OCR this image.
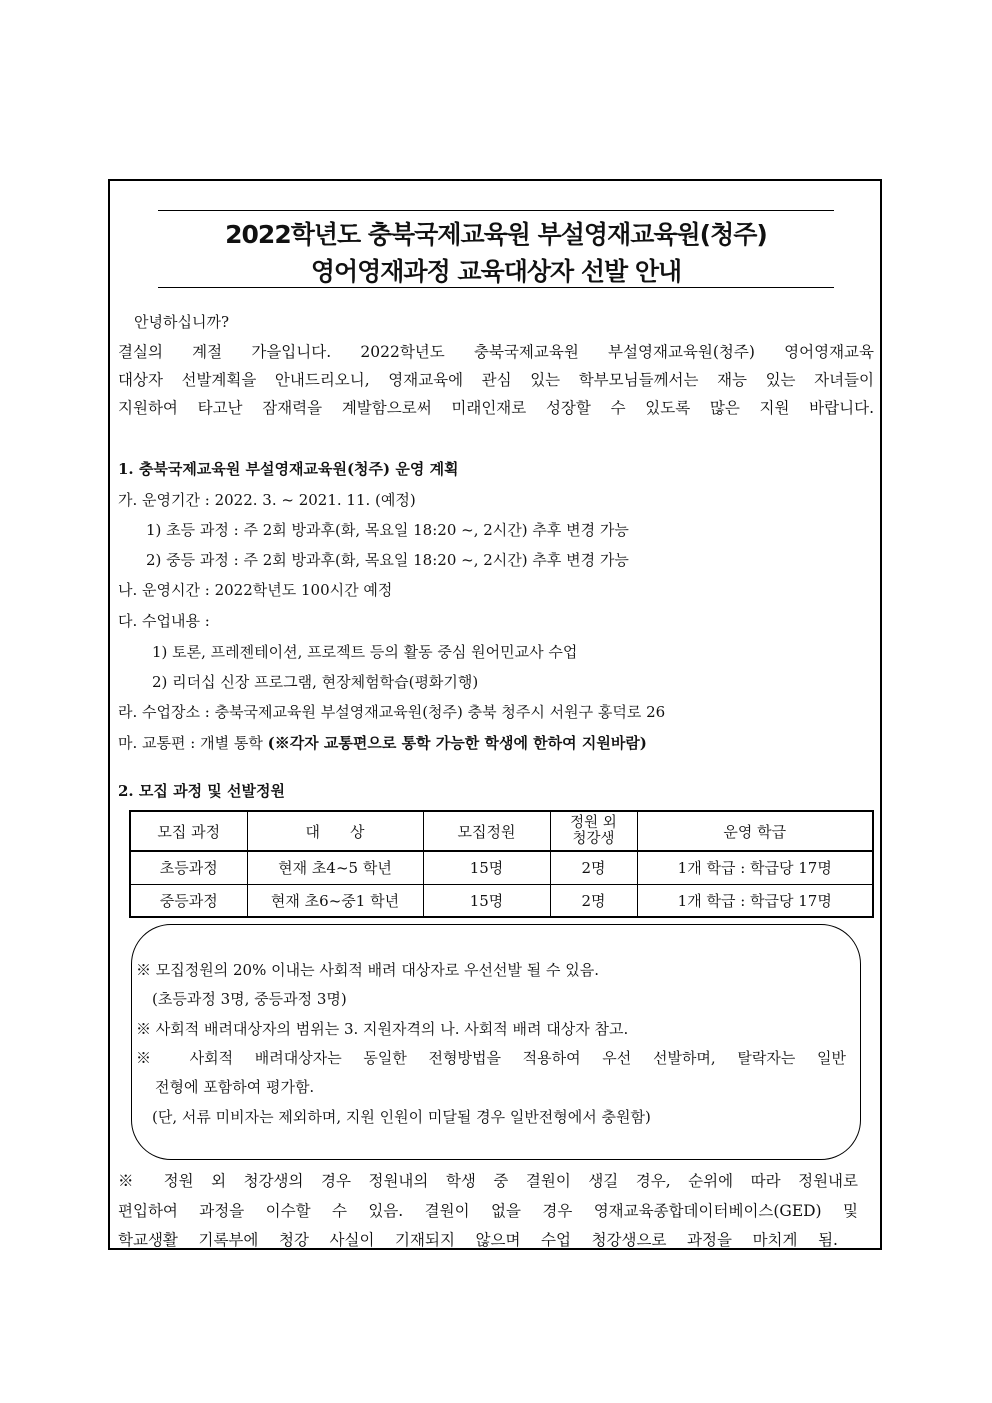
2022학년도 충북국제교육원 부설영재교육원(청주)
영어영재과정 교육대상자 선발 안내
안녕하십니까?
결실의 계절 가을입니다. 2022학년도 충북국제교육원 부설영재교육원(청주) 영어영재교육
대상자 선발계획을 안내드리오니, 영재교육에 관심 있는 학부모님들께서는 재능 있는 자녀들이
지원하여 타고난 잠재력을 계발함으로써 미래인재로 성장할 수 있도록 많은 지원 바랍니다.
1. 충북국제교육원 부설영재교육원(청주) 운영 계획
가. 운영기간 : 2022. 3. ~ 2021. 11. (예정)
1) 초등 과정 : 주 2회 방과후(화, 목요일 18:20 ~, 2시간) 추후 변경 가능
2) 중등 과정 : 주 2회 방과후(화, 목요일 18:20 ~, 2시간) 추후 변경 가능
나. 운영시간 : 2022학년도 100시간 예정
다. 수업내용 :
1) 토론, 프레젠테이션, 프로젝트 등의 활동 중심 원어민교사 수업
2) 리더십 신장 프로그램, 현장체험학습(평화기행)
라. 수업장소 : 충북국제교육원 부설영재교육원(청주) 충북 청주시 서원구 홍덕로 26
마. 교통편 : 개별 통학 (※각자 교통편으로 통학 가능한 학생에 한하여 지원바람)
2. 모집 과정 및 선발정원
모집 과정	대　　상	모집정원	정원 외
청강생	운영 학급
초등과정	현재 초4~5 학년	15명	2명	1개 학급 : 학급당 17명
중등과정	현재 초6~중1 학년	15명	2명	1개 학급 : 학급당 17명
※ 모집정원의 20% 이내는 사회적 배려 대상자로 우선선발 될 수 있음.
(초등과정 3명, 중등과정 3명)
※ 사회적 배려대상자의 범위는 3. 지원자격의 나. 사회적 배려 대상자 참고.
※ 사회적 배려대상자는 동일한 전형방법을 적용하여 우선 선발하며, 탈락자는 일반
전형에 포함하여 평가함.
(단, 서류 미비자는 제외하며, 지원 인원이 미달될 경우 일반전형에서 충원함)
※ 정원 외 청강생의 경우 정원내의 학생 중 결원이 생길 경우, 순위에 따라 정원내로
편입하여 과정을 이수할 수 있음. 결원이 없을 경우 영재교육종합데이터베이스(GED) 및
학교생활 기록부에 청강 사실이 기재되지 않으며 수업 청강생으로 과정을 마치게 됨.
